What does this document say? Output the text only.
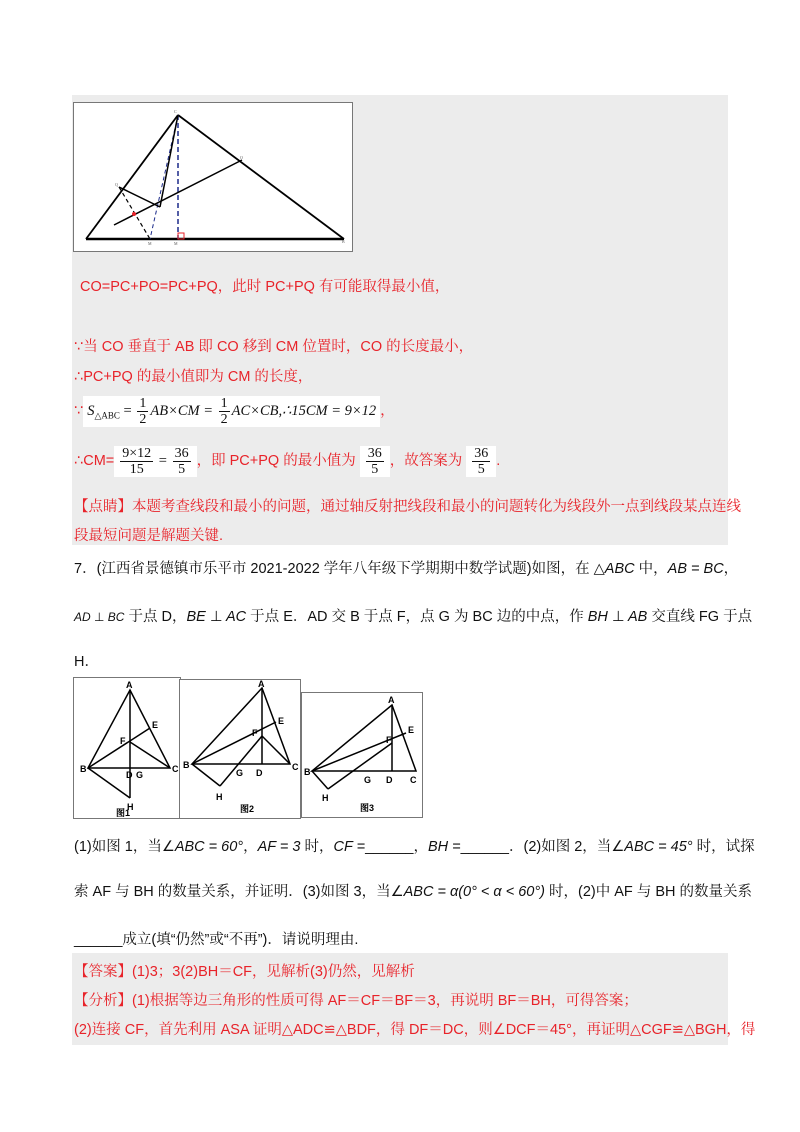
C
Q
O
M	M	B
CO=PC+PO=PC+PQ，此时 PC+PQ 有可能取得最小值，
∵当 CO 垂直于 AB 即 CO 移到 CM 位置时，CO 的长度最小，
∴PC+PQ 的最小值即为 CM 的长度，
∵ $S_{\triangle ABC} = \frac{1}{2} AB\times CM = \frac{1}{2}$ AC×CB,∴15CM = 9×12 ，
∴CM= $\frac{9\times 12}{15} = \frac{36}{5}$ ，即 PC+PQ 的最小值为 $\frac{36}{5}$ ，故答案为 $\frac{36}{5}$ .
【点睛】本题考查线段和最小的问题，通过轴反射把线段和最小的问题转化为线段外一点到线段某点连线
段最短问题是解题关键.
7．(江西省景德镇市乐平市 2021-2022 学年八年级下学期期中数学试题)如图，在 △ABC 中，AB = BC，
AD ⊥ BC 于点 D，BE ⊥ AC 于点 E．AD 交 B 于点 F，点 G 为 BC 边的中点，作 BH ⊥ AB 交直线 FG 于点
H．
A
E
F
B	C
D G
H
图1
A
E
F
B	C
D
G
H
图2
A
E
F
B
C
D
G
H
图3
(1)如图 1，当∠ABC = 60°，AF = 3 时，CF =______，BH =______．(2)如图 2，当∠ABC = 45° 时，试探
索 AF 与 BH 的数量关系，并证明．(3)如图 3，当∠ABC = α(0° < α < 60°) 时，(2)中 AF 与 BH 的数量关系
______成立(填“仍然”或“不再”)．请说明理由.
【答案】(1)3；3(2)BH＝CF，见解析(3)仍然，见解析
【分析】(1)根据等边三角形的性质可得 AF＝CF＝BF＝3，再说明 BF＝BH，可得答案；
(2)连接 CF，首先利用 ASA 证明△ADC≌△BDF，得 DF＝DC，则∠DCF＝45°，再证明△CGF≌△BGH，得
